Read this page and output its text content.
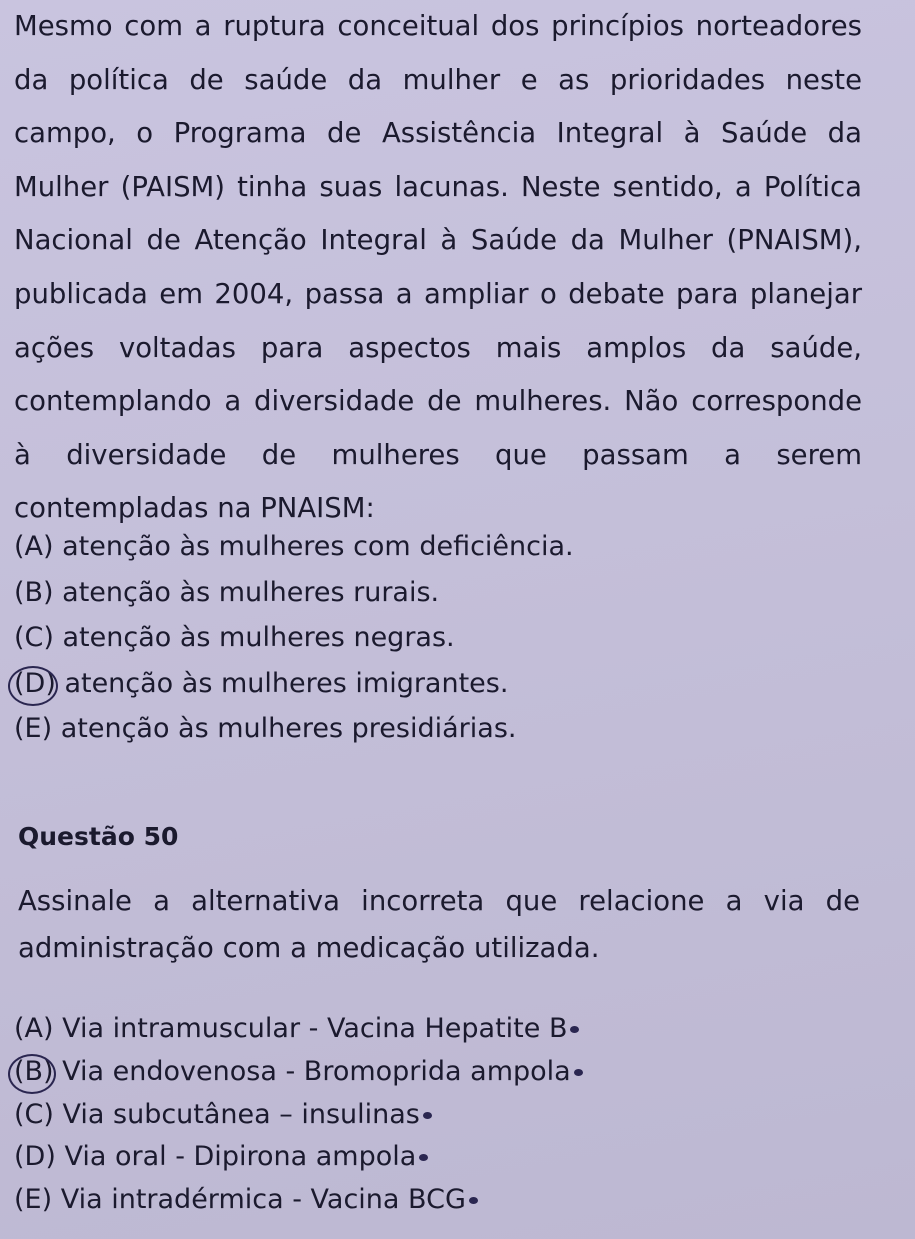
Mesmo com a ruptura conceitual dos princípios norteadores da política de saúde da mulher e as prioridades neste campo, o Programa de Assistência Integral à Saúde da Mulher (PAISM) tinha suas lacunas. Neste sentido, a Política Nacional de Atenção Integral à Saúde da Mulher (PNAISM), publicada em 2004, passa a ampliar o debate para planejar ações voltadas para aspectos mais amplos da saúde, contemplando a diversidade de mulheres. Não corresponde à diversidade de mulheres que passam a serem contempladas na PNAISM:

(A) atenção às mulheres com deficiência.
(B) atenção às mulheres rurais.
(C) atenção às mulheres negras.
(D) atenção às mulheres imigrantes.
(E) atenção às mulheres presidiárias.
Questão 50

Assinale a alternativa incorreta que relacione a via de administração com a medicação utilizada.

(A) Via intramuscular - Vacina Hepatite B
(B) Via endovenosa - Bromoprida ampola
(C) Via subcutânea – insulinas
(D) Via oral - Dipirona ampola
(E) Via intradérmica - Vacina BCG
